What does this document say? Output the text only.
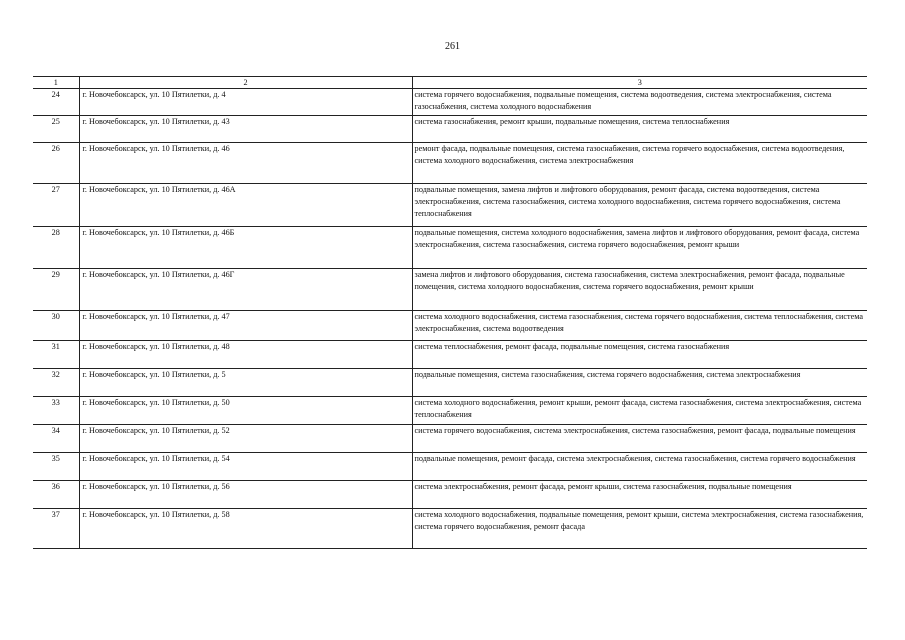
261
1	2	3
24	г. Новочебоксарск, ул. 10 Пятилетки, д. 4	система горячего водоснабжения, подвальные помещения, система водоотведения, система электроснабжения, система газоснабжения, система холодного водоснабжения
25	г. Новочебоксарск, ул. 10 Пятилетки, д. 43	система газоснабжения, ремонт крыши, подвальные помещения, система теплоснабжения
26	г. Новочебоксарск, ул. 10 Пятилетки, д. 46	ремонт фасада, подвальные помещения, система газоснабжения, система горячего водоснабжения, система водоотведения, система холодного водоснабжения, система электроснабжения
27	г. Новочебоксарск, ул. 10 Пятилетки, д. 46А	подвальные помещения, замена лифтов и лифтового оборудования, ремонт фасада, система водоотведения, система электроснабжения, система газоснабжения, система холодного водоснабжения, система горячего водоснабжения, система теплоснабжения
28	г. Новочебоксарск, ул. 10 Пятилетки, д. 46Б	подвальные помещения, система холодного водоснабжения, замена лифтов и лифтового оборудования, ремонт фасада, система электроснабжения, система газоснабжения, система горячего водоснабжения, ремонт крыши
29	г. Новочебоксарск, ул. 10 Пятилетки, д. 46Г	замена лифтов и лифтового оборудования, система газоснабжения, система электроснабжения, ремонт фасада, подвальные помещения, система холодного водоснабжения, система горячего водоснабжения, ремонт крыши
30	г. Новочебоксарск, ул. 10 Пятилетки, д. 47	система холодного водоснабжения, система газоснабжения, система горячего водоснабжения, система теплоснабжения, система электроснабжения, система водоотведения
31	г. Новочебоксарск, ул. 10 Пятилетки, д. 48	система теплоснабжения, ремонт фасада, подвальные помещения, система газоснабжения
32	г. Новочебоксарск, ул. 10 Пятилетки, д. 5	подвальные помещения, система газоснабжения, система горячего водоснабжения, система электроснабжения
33	г. Новочебоксарск, ул. 10 Пятилетки, д. 50	система холодного водоснабжения, ремонт крыши, ремонт фасада, система газоснабжения, система электроснабжения, система теплоснабжения
34	г. Новочебоксарск, ул. 10 Пятилетки, д. 52	система горячего водоснабжения, система электроснабжения, система газоснабжения, ремонт фасада, подвальные помещения
35	г. Новочебоксарск, ул. 10 Пятилетки, д. 54	подвальные помещения, ремонт фасада, система электроснабжения, система газоснабжения, система горячего водоснабжения
36	г. Новочебоксарск, ул. 10 Пятилетки, д. 56	система электроснабжения, ремонт фасада, ремонт крыши, система газоснабжения, подвальные помещения
37	г. Новочебоксарск, ул. 10 Пятилетки, д. 58	система холодного водоснабжения, подвальные помещения, ремонт крыши, система электроснабжения, система газоснабжения, система горячего водоснабжения, ремонт фасада
